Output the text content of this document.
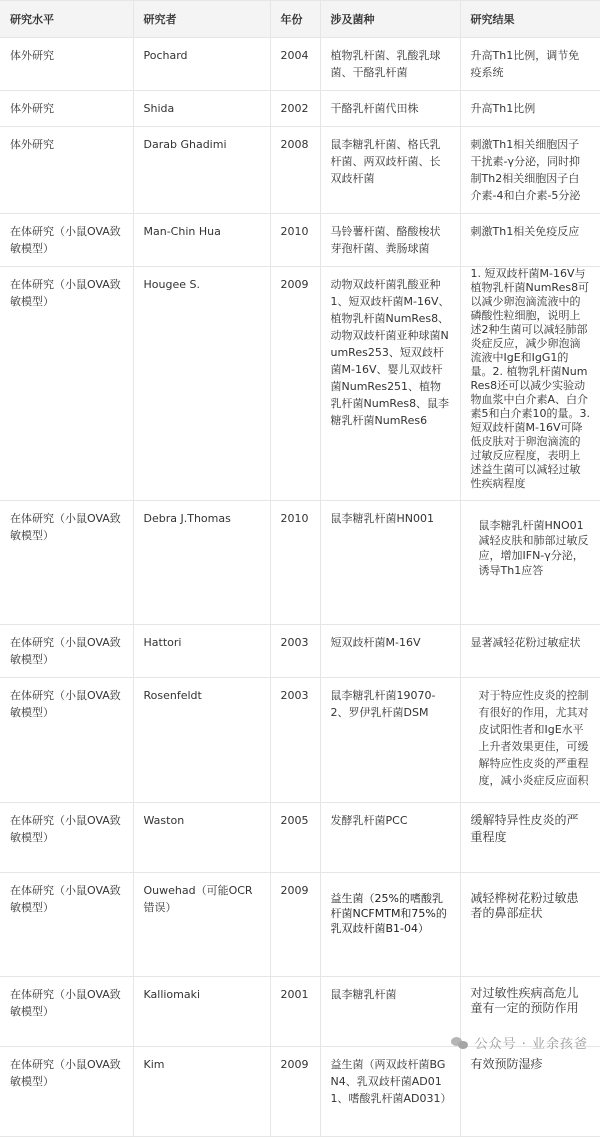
研究水平	研究者	年份	涉及菌种	研究结果
体外研究	Pochard	2004	植物乳杆菌、乳酸乳球菌、干酪乳杆菌	升高Th1比例，调节免疫系统
体外研究	Shida	2002	干酪乳杆菌代田株	升高Th1比例
体外研究	Darab Ghadimi	2008	鼠李糖乳杆菌、格氏乳杆菌、两双歧杆菌、长双歧杆菌	刺激Th1相关细胞因子干扰素-γ分泌，同时抑制Th2相关细胞因子白介素-4和白介素-5分泌
在体研究（小鼠OVA致敏模型）	Man-Chin Hua	2010	马铃薯杆菌、酪酸梭状芽孢杆菌、粪肠球菌	刺激Th1相关免疫反应
在体研究（小鼠OVA致敏模型）	Hougee S.	2009	动物双歧杆菌乳酸亚种1、短双歧杆菌M-16V、植物乳杆菌NumRes8、动物双歧杆菌亚种球菌NumRes253、短双歧杆菌M-16V、婴儿双歧杆菌NumRes251、植物乳杆菌NumRes8、鼠李糖乳杆菌NumRes6	1. 短双歧杆菌M-16V与植物乳杆菌NumRes8可以减少卵泡滴流液中的磷酸性粒细胞，说明上述2种生菌可以减轻肺部炎症反应，减少卵泡滴流液中IgE和IgG1的量。2. 植物乳杆菌NumRes8还可以减少实验动物血浆中白介素A、白介素5和白介素10的量。3. 短双歧杆菌M-16V可降低皮肤对于卵泡滴流的过敏反应程度，表明上述益生菌可以减轻过敏性疾病程度
在体研究（小鼠OVA致敏模型）	Debra J.Thomas	2010	鼠李糖乳杆菌HN001	鼠李糖乳杆菌HNO01减轻皮肤和肺部过敏反应，增加IFN-γ分泌，诱导Th1应答
在体研究（小鼠OVA致敏模型）	Hattori	2003	短双歧杆菌M-16V	显著减轻花粉过敏症状
在体研究（小鼠OVA致敏模型）	Rosenfeldt	2003	鼠李糖乳杆菌19070-2、罗伊乳杆菌DSM	对于特应性皮炎的控制有很好的作用，尤其对皮试阳性者和IgE水平上升者效果更佳，可缓解特应性皮炎的严重程度，减小炎症反应面积
在体研究（小鼠OVA致敏模型）	Waston	2005	发酵乳杆菌PCC	缓解特异性皮炎的严重程度
在体研究（小鼠OVA致敏模型）	Ouwehad（可能OCR错误）	2009	益生菌（25%的嗜酸乳杆菌NCFMTM和75%的乳双歧杆菌B1-04）	减轻桦树花粉过敏患者的鼻部症状
在体研究（小鼠OVA致敏模型）	Kalliomaki	2001	鼠李糖乳杆菌	对过敏性疾病高危儿童有一定的预防作用
在体研究（小鼠OVA致敏模型）	Kim	2009	益生菌（两双歧杆菌BGN4、乳双歧杆菌AD011、嗜酸乳杆菌AD031）	有效预防湿疹
公众号 · 业余孩爸
